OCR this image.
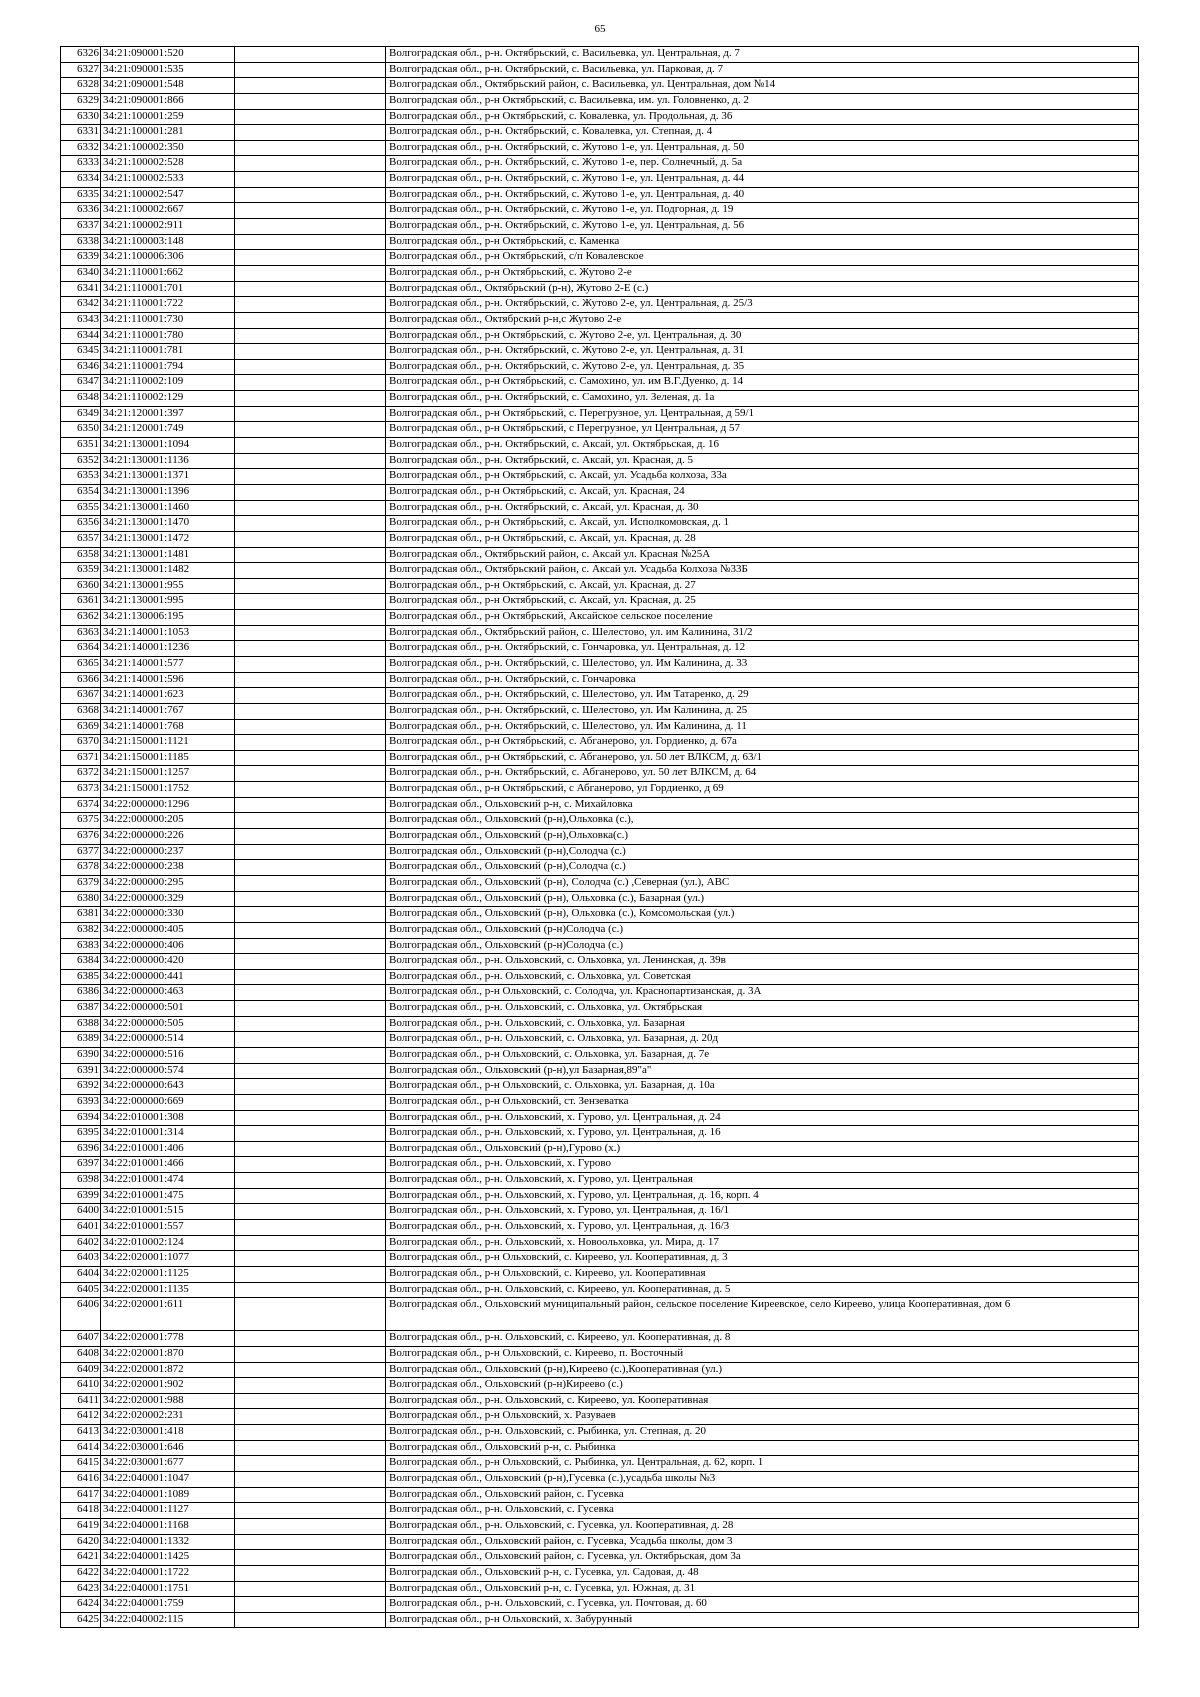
65
6326	34:21:090001:520		Волгоградская обл., р-н. Октябрьский, с. Васильевка, ул. Центральная, д. 7
6327	34:21:090001:535		Волгоградская обл., р-н. Октябрьский, с. Васильевка, ул. Парковая, д. 7
6328	34:21:090001:548		Волгоградская обл., Октябрьский район, с. Васильевка, ул. Центральная, дом №14
6329	34:21:090001:866		Волгоградская обл., р-н Октябрьский, с. Васильевка, им. ул. Головненко, д. 2
6330	34:21:100001:259		Волгоградская обл., р-н Октябрьский, с. Ковалевка, ул. Продольная, д. 36
6331	34:21:100001:281		Волгоградская обл., р-н. Октябрьский, с. Ковалевка, ул. Степная, д. 4
6332	34:21:100002:350		Волгоградская обл., р-н. Октябрьский, с. Жутово 1-е, ул. Центральная, д. 50
6333	34:21:100002:528		Волгоградская обл., р-н. Октябрьский, с. Жутово 1-е, пер. Солнечный, д. 5а
6334	34:21:100002:533		Волгоградская обл., р-н. Октябрьский, с. Жутово 1-е, ул. Центральная, д. 44
6335	34:21:100002:547		Волгоградская обл., р-н. Октябрьский, с. Жутово 1-е, ул. Центральная, д. 40
6336	34:21:100002:667		Волгоградская обл., р-н. Октябрьский, с. Жутово 1-е, ул. Подгорная, д. 19
6337	34:21:100002:911		Волгоградская обл., р-н. Октябрьский, с. Жутово 1-е, ул. Центральная, д. 56
6338	34:21:100003:148		Волгоградская обл., р-н Октябрьский, с. Каменка
6339	34:21:100006:306		Волгоградская обл., р-н Октябрьский, с/п Ковалевское
6340	34:21:110001:662		Волгоградская обл., р-н Октябрьский, с. Жутово 2-е
6341	34:21:110001:701		Волгоградская обл., Октябрьский (р-н), Жутово 2-Е (с.)
6342	34:21:110001:722		Волгоградская обл., р-н. Октябрьский, с. Жутово 2-е, ул. Центральная, д. 25/3
6343	34:21:110001:730		Волгоградская обл., Октябрский р-н,с Жутово 2-е
6344	34:21:110001:780		Волгоградская обл., р-н Октябрьский, с. Жутово 2-е, ул. Центральная, д. 30
6345	34:21:110001:781		Волгоградская обл., р-н. Октябрьский, с. Жутово 2-е, ул. Центральная, д. 31
6346	34:21:110001:794		Волгоградская обл., р-н. Октябрьский, с. Жутово 2-е, ул. Центральная, д. 35
6347	34:21:110002:109		Волгоградская обл., р-н Октябрьский, с. Самохино, ул. им В.Г.Дуенко, д. 14
6348	34:21:110002:129		Волгоградская обл., р-н. Октябрьский, с. Самохино, ул. Зеленая, д. 1а
6349	34:21:120001:397		Волгоградская обл., р-н Октябрьский, с. Перегрузное, ул. Центральная, д 59/1
6350	34:21:120001:749		Волгоградская обл., р-н Октябрьский, с Перегрузное, ул Центральная, д 57
6351	34:21:130001:1094		Волгоградская обл., р-н. Октябрьский, с. Аксай, ул. Октябрьская, д. 16
6352	34:21:130001:1136		Волгоградская обл., р-н. Октябрьский, с. Аксай, ул. Красная, д. 5
6353	34:21:130001:1371		Волгоградская обл., р-н Октябрьский, с. Аксай, ул. Усадьба колхоза, 33а
6354	34:21:130001:1396		Волгоградская обл., р-н Октябрьский, с. Аксай, ул. Красная, 24
6355	34:21:130001:1460		Волгоградская обл., р-н. Октябрьский, с. Аксай, ул. Красная, д. 30
6356	34:21:130001:1470		Волгоградская обл., р-н Октябрьский, с. Аксай, ул. Исполкомовская, д. 1
6357	34:21:130001:1472		Волгоградская обл., р-н Октябрьский, с. Аксай, ул. Красная, д. 28
6358	34:21:130001:1481		Волгоградская обл., Октябрьский район, с. Аксай ул. Красная №25А
6359	34:21:130001:1482		Волгоградская обл., Октябрьский район, с. Аксай ул. Усадьба Колхоза №33Б
6360	34:21:130001:955		Волгоградская обл., р-н Октябрьский, с. Аксай, ул. Красная, д. 27
6361	34:21:130001:995		Волгоградская обл., р-н Октябрьский, с. Аксай, ул. Красная, д. 25
6362	34:21:130006:195		Волгоградская обл., р-н Октябрьский, Аксайское сельское поселение
6363	34:21:140001:1053		Волгоградская обл., Октябрьский район, с. Шелестово, ул. им Калинина, 31/2
6364	34:21:140001:1236		Волгоградская обл., р-н. Октябрьский, с. Гончаровка, ул. Центральная, д. 12
6365	34:21:140001:577		Волгоградская обл., р-н. Октябрьский, с. Шелестово, ул. Им Калинина, д. 33
6366	34:21:140001:596		Волгоградская обл., р-н. Октябрьский, с. Гончаровка
6367	34:21:140001:623		Волгоградская обл., р-н. Октябрьский, с. Шелестово, ул. Им Татаренко, д. 29
6368	34:21:140001:767		Волгоградская обл., р-н. Октябрьский, с. Шелестово, ул. Им Калинина, д. 25
6369	34:21:140001:768		Волгоградская обл., р-н. Октябрьский, с. Шелестово, ул. Им Калинина, д. 11
6370	34:21:150001:1121		Волгоградская обл., р-н Октябрьский, с. Абганерово, ул. Гордиенко, д. 67а
6371	34:21:150001:1185		Волгоградская обл., р-н Октябрьский, с. Абганерово, ул. 50 лет ВЛКСМ, д. 63/1
6372	34:21:150001:1257		Волгоградская обл., р-н. Октябрьский, с. Абганерово, ул. 50 лет ВЛКСМ, д. 64
6373	34:21:150001:1752		Волгоградская обл., р-н Октябрьский, с Абганерово, ул Гордиенко, д 69
6374	34:22:000000:1296		Волгоградская обл., Ольховский р-н, с. Михайловка
6375	34:22:000000:205		Волгоградская обл., Ольховский (р-н),Ольховка (с.),
6376	34:22:000000:226		Волгоградская обл., Ольховский (р-н),Ольховка(с.)
6377	34:22:000000:237		Волгоградская обл., Ольховский (р-н),Солодча (с.)
6378	34:22:000000:238		Волгоградская обл., Ольховский (р-н),Солодча (с.)
6379	34:22:000000:295		Волгоградская обл., Ольховский (р-н), Солодча (с.) ,Северная (ул.), АВС
6380	34:22:000000:329		Волгоградская обл., Ольховский (р-н), Ольховка (с.), Базарная (ул.)
6381	34:22:000000:330		Волгоградская обл., Ольховский (р-н), Ольховка (с.), Комсомольская (ул.)
6382	34:22:000000:405		Волгоградская обл., Ольховский (р-н)Солодча (с.)
6383	34:22:000000:406		Волгоградская обл., Ольховский (р-н)Солодча (с.)
6384	34:22:000000:420		Волгоградская обл., р-н. Ольховский, с. Ольховка, ул. Ленинская, д. 39в
6385	34:22:000000:441		Волгоградская обл., р-н. Ольховский, с. Ольховка, ул. Советская
6386	34:22:000000:463		Волгоградская обл., р-н Ольховский, с. Солодча, ул. Краснопартизанская, д. 3А
6387	34:22:000000:501		Волгоградская обл., р-н. Ольховский, с. Ольховка, ул. Октябрьская
6388	34:22:000000:505		Волгоградская обл., р-н. Ольховский, с. Ольховка, ул. Базарная
6389	34:22:000000:514		Волгоградская обл., р-н. Ольховский, с. Ольховка, ул. Базарная, д. 20д
6390	34:22:000000:516		Волгоградская обл., р-н Ольховский, с. Ольховка, ул. Базарная, д. 7е
6391	34:22:000000:574		Волгоградская обл., Ольховский (р-н),ул Базарная,89"а"
6392	34:22:000000:643		Волгоградская обл., р-н Ольховский, с. Ольховка, ул. Базарная, д. 10а
6393	34:22:000000:669		Волгоградская обл., р-н Ольховский, ст. Зензеватка
6394	34:22:010001:308		Волгоградская обл., р-н. Ольховский, х. Гурово, ул. Центральная, д. 24
6395	34:22:010001:314		Волгоградская обл., р-н. Ольховский, х. Гурово, ул. Центральная, д. 16
6396	34:22:010001:406		Волгоградская обл., Ольховский (р-н),Гурово (х.)
6397	34:22:010001:466		Волгоградская обл., р-н. Ольховский, х. Гурово
6398	34:22:010001:474		Волгоградская обл., р-н. Ольховский, х. Гурово, ул. Центральная
6399	34:22:010001:475		Волгоградская обл., р-н. Ольховский, х. Гурово, ул. Центральная, д. 16, корп. 4
6400	34:22:010001:515		Волгоградская обл., р-н. Ольховский, х. Гурово, ул. Центральная, д. 16/1
6401	34:22:010001:557		Волгоградская обл., р-н. Ольховский, х. Гурово, ул. Центральная, д. 16/3
6402	34:22:010002:124		Волгоградская обл., р-н. Ольховский, х. Новоольховка, ул. Мира, д. 17
6403	34:22:020001:1077		Волгоградская обл., р-н Ольховский, с. Киреево, ул. Кооперативная, д. 3
6404	34:22:020001:1125		Волгоградская обл., р-н Ольховский, с. Киреево, ул. Кооперативная
6405	34:22:020001:1135		Волгоградская обл., р-н. Ольховский, с. Киреево, ул. Кооперативная, д. 5
6406	34:22:020001:611		Волгоградская обл., Ольховский муниципальный район, сельское поселение Киреевское, село Киреево, улица Кооперативная, дом 6
6407	34:22:020001:778		Волгоградская обл., р-н. Ольховский, с. Киреево, ул. Кооперативная, д. 8
6408	34:22:020001:870		Волгоградская обл., р-н Ольховский, с. Киреево, п. Восточный
6409	34:22:020001:872		Волгоградская обл., Ольховский (р-н),Киреево (с.),Кооперативная (ул.)
6410	34:22:020001:902		Волгоградская обл., Ольховский (р-н)Киреево (с.)
6411	34:22:020001:988		Волгоградская обл., р-н. Ольховский, с. Киреево, ул. Кооперативная
6412	34:22:020002:231		Волгоградская обл., р-н Ольховский, х. Разуваев
6413	34:22:030001:418		Волгоградская обл., р-н. Ольховский, с. Рыбинка, ул. Степная, д. 20
6414	34:22:030001:646		Волгоградская обл., Ольховский р-н, с. Рыбинка
6415	34:22:030001:677		Волгоградская обл., р-н Ольховский, с. Рыбинка, ул. Центральная, д. 62, корп. 1
6416	34:22:040001:1047		Волгоградская обл., Ольховский (р-н),Гусевка (с.),усадьба школы №3
6417	34:22:040001:1089		Волгоградская обл., Ольховский район, с. Гусевка
6418	34:22:040001:1127		Волгоградская обл., р-н. Ольховский, с. Гусевка
6419	34:22:040001:1168		Волгоградская обл., р-н. Ольховский, с. Гусевка, ул. Кооперативная, д. 28
6420	34:22:040001:1332		Волгоградская обл., Ольховский район, с. Гусевка, Усадьба школы, дом 3
6421	34:22:040001:1425		Волгоградская обл., Ольховский район, с. Гусевка, ул. Октябрьская, дом 3а
6422	34:22:040001:1722		Волгоградская обл., Ольховский р-н, с. Гусевка, ул. Садовая, д. 48
6423	34:22:040001:1751		Волгоградская обл., Ольховский р-н, с. Гусевка, ул. Южная, д. 31
6424	34:22:040001:759		Волгоградская обл., р-н. Ольховский, с. Гусевка, ул. Почтовая, д. 60
6425	34:22:040002:115		Волгоградская обл., р-н Ольховский, х. Забурунный
